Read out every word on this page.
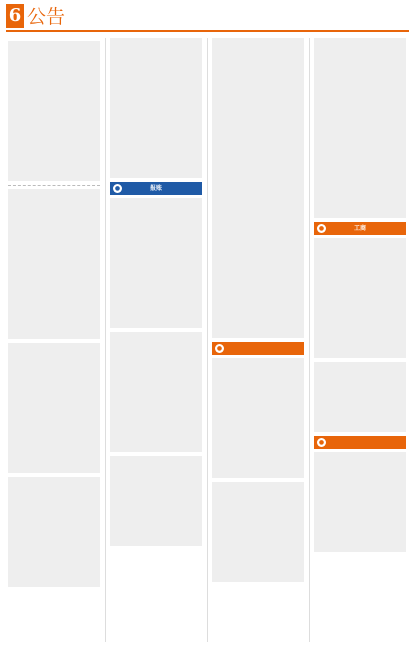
6 公告
●	报账
●
●	工商
●
